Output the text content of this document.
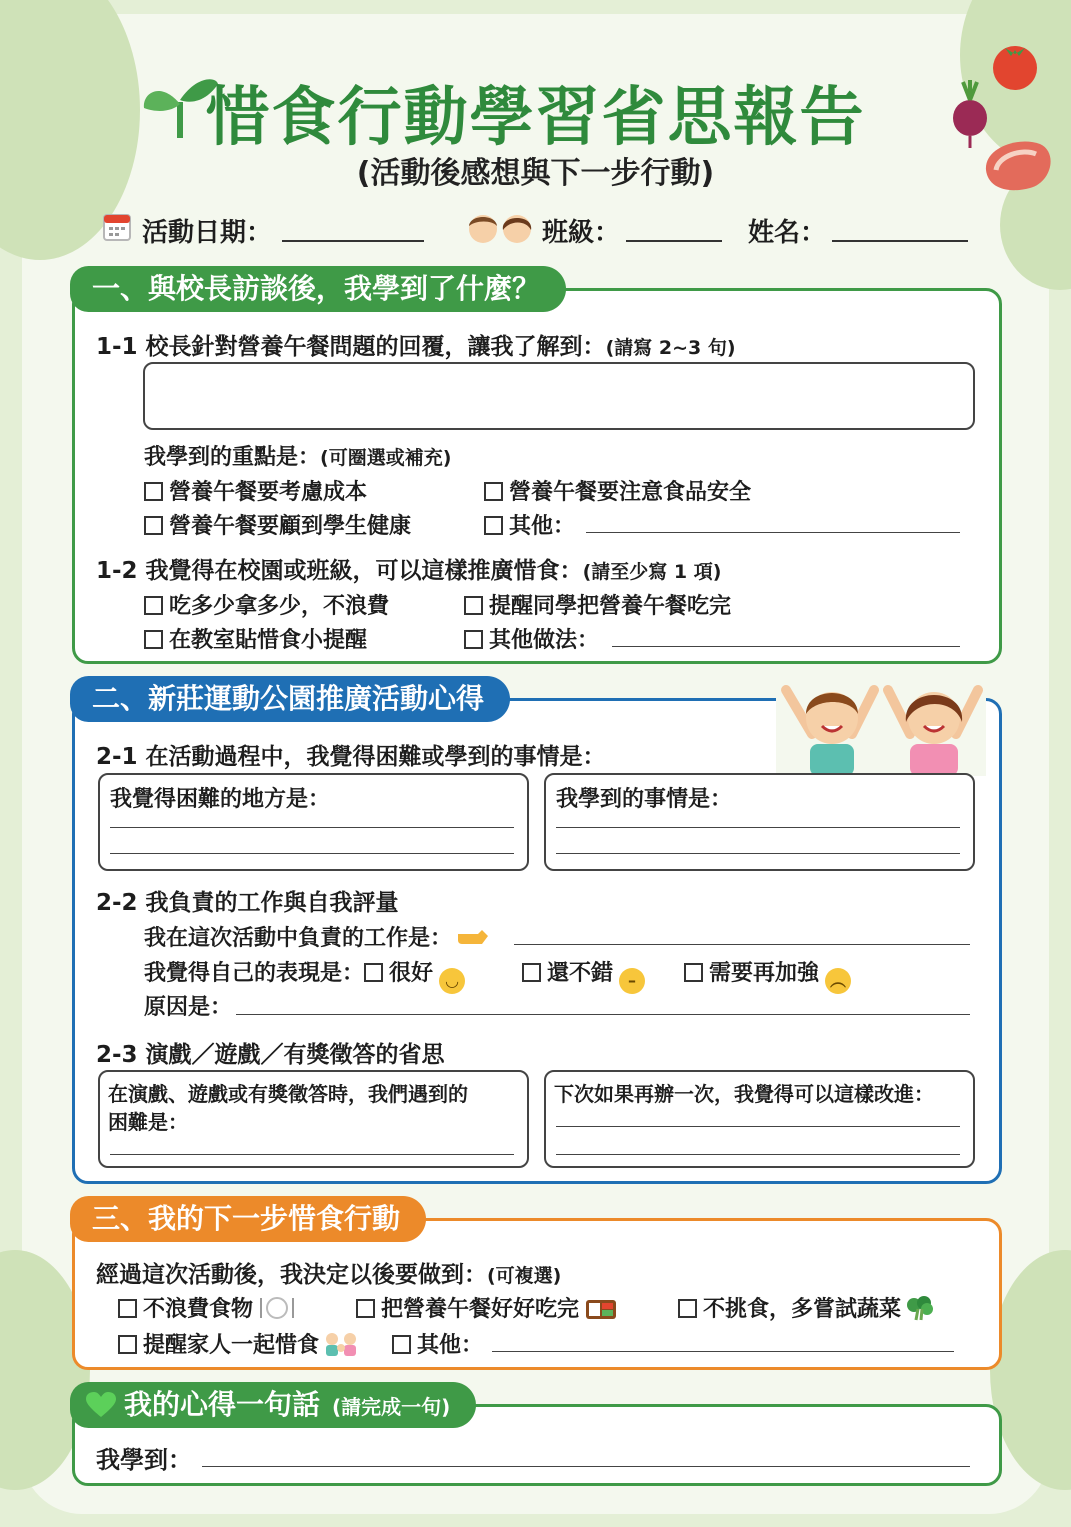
惜食行動學習省思報告
(活動後感想與下一步行動)
活動日期：	班級：	姓名：
一、與校長訪談後，我學到了什麼？
1-1 校長針對營養午餐問題的回覆，讓我了解到：(請寫 2~3 句)
我學到的重點是：(可圈選或補充)
營養午餐要考慮成本	營養午餐要注意食品安全
營養午餐要顧到學生健康	其他：
1-2 我覺得在校園或班級，可以這樣推廣惜食：(請至少寫 1 項)
吃多少拿多少，不浪費	提醒同學把營養午餐吃完
在教室貼惜食小提醒	其他做法：
二、新莊運動公園推廣活動心得
2-1 在活動過程中，我覺得困難或學到的事情是：
我覺得困難的地方是：	我學到的事情是：
2-2 我負責的工作與自我評量
我在這次活動中負責的工作是：
我覺得自己的表現是： 很好 ◡	還不錯 –	需要再加強 ︵
原因是：
2-3 演戲／遊戲／有獎徵答的省思
在演戲、遊戲或有獎徵答時，我們遇到的
困難是：
下次如果再辦一次，我覺得可以這樣改進：
三、我的下一步惜食行動
經過這次活動後，我決定以後要做到：(可複選)
不浪費食物	把營養午餐好好吃完	不挑食，多嘗試蔬菜
提醒家人一起惜食	其他：
我的心得一句話 (請完成一句)
我學到：
